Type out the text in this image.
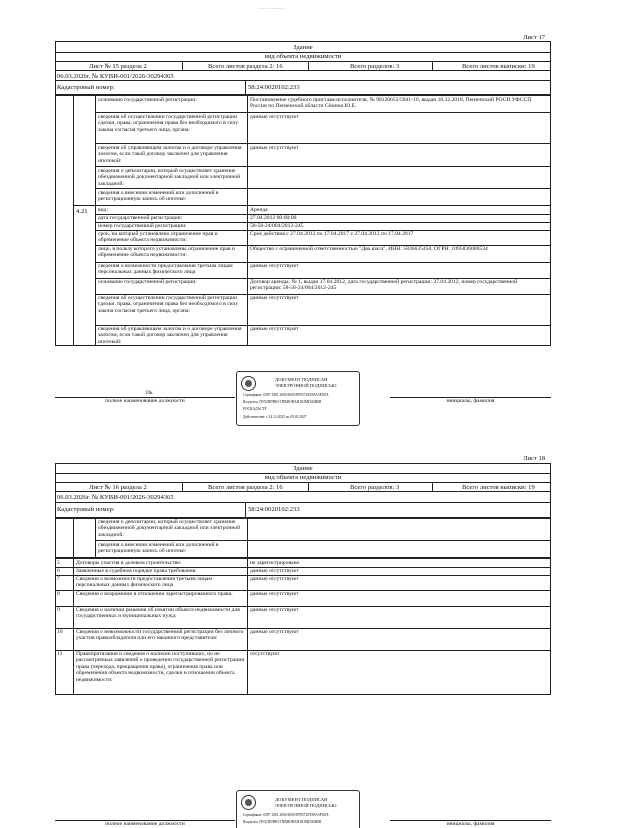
...... .........
Лист 17
Здание
вид объекта недвижимости
Лист № 15 раздела 2	Всего листов раздела 2: 16	Всего разделов: 3	Всего листов выписки: 19
06.03.2026г. № КУВИ-001/2026-30294365
Кадастровый номер:	58:24:0020102:233
основание государственной регистрации:	Постановление судебного пристава-исполнителя, № 90120653/5841-10, выдан 10.12.2018, Пензенский РОСП УФССП России по Пензенской области Сёмина Ю.Е.
сведения об осуществлении государственной регистрации сделки, права, ограничения права без необходимого в силу закона согласия третьего лица, органа:
данные отсутствуют
сведения об управляющем залогом и о договоре управления залогом, если такой договор заключен для управления ипотекой:
данные отсутствуют
сведения о депозитарии, который осуществляет хранение обездвиженной документарной закладной или электронной закладной:
сведения о внесении изменений или дополнений в регистрационную запись об ипотеке:
4.21 вид:	Аренда
дата государственной регистрации:	27.04.2012 00:00:00
номер государственной регистрации:	58-58-24/004/2012-245
срок, на который установлено ограничение прав и обременение объекта недвижимости:
Срок действия с 27.04.2012 по 17.04.2017 с 27.04.2012 по 17.04.2017
лицо, в пользу которого установлены ограничение прав и обременение объекта недвижимости:
Общество с ограниченной ответственностью "Два шага", ИНН: 5836635450, ОГРН: 1095836000534
сведения о возможности предоставления третьим лицам персональных данных физического лица
данные отсутствуют
основание государственной регистрации:	Договор аренды, № 1, выдан 17.04.2012, дата государственной регистрации: 27.04.2012, номер государственной регистрации: 58-58-24/004/2012-245
сведения об осуществлении государственной регистрации сделки, права, ограничения права без необходимого в силу закона согласия третьего лица, органа:
данные отсутствуют
сведения об управляющем залогом и о договоре управления залогом, если такой договор заключен для управления ипотекой:
данные отсутствуют
Пк
полное наименование должности	инициалы, фамилия
ДОКУМЕНТ ПОДПИСАН
ЭЛЕКТРОННОЙ ПОДПИСЬЮ
Сертификат: 0387 1081 2094 8600 8F9N72FA90A5F3DA
Владелец: ПУБЛИЧНО-ПРАВОВАЯ КОМПАНИЯ
РОСКАДАСТР
Действителен: с 24.12.2025 по 09.03.2027
Лист 18
Здание
вид объекта недвижимости
Лист № 16 раздела 2	Всего листов раздела 2: 16	Всего разделов: 3	Всего листов выписки: 19
06.03.2026г. № КУВИ-001/2026-30294365
Кадастровый номер:	58:24:0020102:233
сведения о депозитарии, который осуществляет хранение обездвиженной документарной закладной или электронной закладной:
сведения о внесении изменений или дополнений в регистрационную запись об ипотеке:
5	Договоры участия в долевом строительстве:	не зарегистрировано
6	Заявленные в судебном порядке права требования:	данные отсутствуют
7	Сведения о возможности предоставления третьим лицам персональных данных физического лица
данные отсутствуют
8	Сведения о возражении в отношении зарегистрированного права:	данные отсутствуют
9	Сведения о наличии решения об изъятии объекта недвижимости для государственных и муниципальных нужд:
данные отсутствуют
10 Сведения о невозможности государственной регистрации без личного участия правообладателя или его законного представителя:
данные отсутствуют
11 Правопритязания и сведения о наличии поступивших, но не рассмотренных заявлений о проведении государственной регистрации права (перехода, прекращения права), ограничения права или обременения объекта недвижимости, сделки в отношении объекта недвижимости:
отсутствуют
полное наименование должности	инициалы, фамилия
ДОКУМЕНТ ПОДПИСАН
ЭЛЕКТРОННОЙ ПОДПИСЬЮ
Сертификат: 0387 1081 2094 8600 8F9N72FA90A5F3DA
Владелец: ПУБЛИЧНО-ПРАВОВАЯ КОМПАНИЯ
